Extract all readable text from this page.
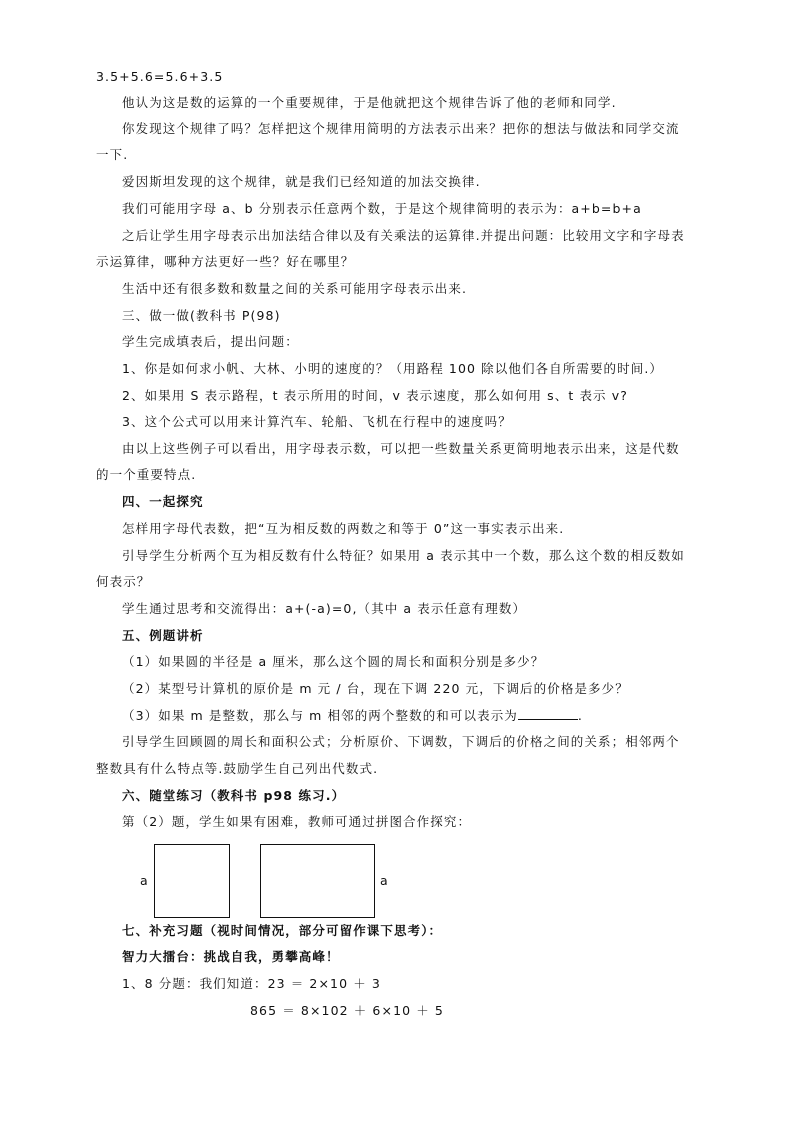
3.5+5.6=5.6+3.5
他认为这是数的运算的一个重要规律，于是他就把这个规律告诉了他的老师和同学.
你发现这个规律了吗？怎样把这个规律用简明的方法表示出来？把你的想法与做法和同学交流
一下.
爱因斯坦发现的这个规律，就是我们已经知道的加法交换律.
我们可能用字母 a、b 分别表示任意两个数，于是这个规律简明的表示为：a+b=b+a
之后让学生用字母表示出加法结合律以及有关乘法的运算律.并提出问题：比较用文字和字母表
示运算律，哪种方法更好一些？好在哪里？
生活中还有很多数和数量之间的关系可能用字母表示出来.
三、做一做(教科书 P(98)
学生完成填表后，提出问题：
1、你是如何求小帆、大林、小明的速度的？（用路程 100 除以他们各自所需要的时间.）
2、如果用 S 表示路程，t 表示所用的时间，v 表示速度，那么如何用 s、t 表示 v?
3、这个公式可以用来计算汽车、轮船、飞机在行程中的速度吗？
由以上这些例子可以看出，用字母表示数，可以把一些数量关系更简明地表示出来，这是代数
的一个重要特点.
四、一起探究
怎样用字母代表数，把“互为相反数的两数之和等于 0”这一事实表示出来.
引导学生分析两个互为相反数有什么特征？如果用 a 表示其中一个数，那么这个数的相反数如
何表示？
学生通过思考和交流得出：a+(-a)=0,（其中 a 表示任意有理数）
五、例题讲析
（1）如果圆的半径是 a 厘米，那么这个圆的周长和面积分别是多少？
（2）某型号计算机的原价是 m 元 / 台，现在下调 220 元，下调后的价格是多少？
（3）如果 m 是整数，那么与 m 相邻的两个整数的和可以表示为	.
引导学生回顾圆的周长和面积公式；分析原价、下调数，下调后的价格之间的关系；相邻两个
整数具有什么特点等.鼓励学生自己列出代数式.
六、随堂练习（教科书 p98 练习.）
第（2）题，学生如果有困难，教师可通过拼图合作探究：
a	a
七、补充习题（视时间情况，部分可留作课下思考）：
智力大擂台：挑战自我，勇攀高峰！
1、8 分题：我们知道：23 ＝ 2×10 ＋ 3
865 ＝ 8×102 ＋ 6×10 ＋ 5
